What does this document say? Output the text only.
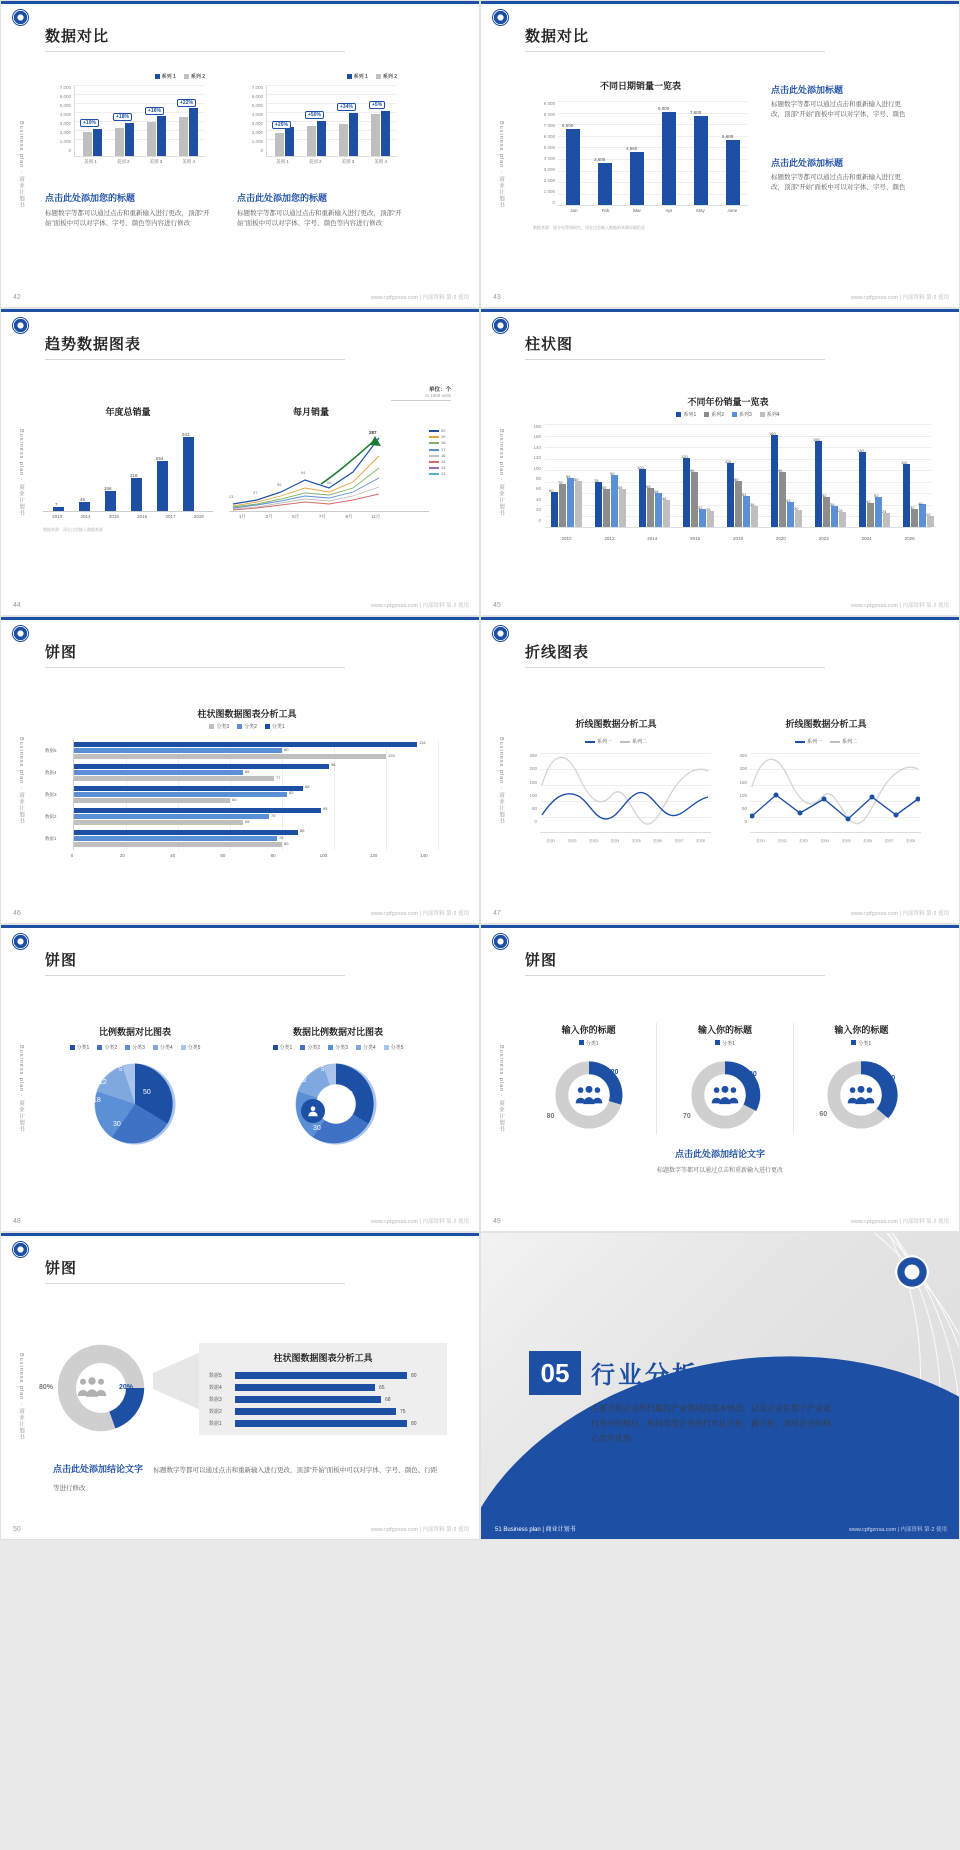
Business plan · 商业计划书
数据对比
系列 1	系列 2
7,000
6,000
5,000
4,000
3,000
2,000
1,000
0
+10%
+18%
+16%
+22%
美别 1	美别 2	美别 3	美别 4
系列 1	系列 2
7,000
6,000
5,000
4,000
3,000
2,000
1,000
0
+25%
+50%
+34%	+5%
美别 1	美别 2	美别 3	美别 4
点击此处添加您的标题
标题数字等都可以通过点击和重新输入进行更改，顶部“开始”面板中可以对字体、字号、颜色等内容进行修改
点击此处添加您的标题
标题数字等都可以通过点击和重新输入进行更改，顶部“开始”面板中可以对字体、字号、颜色等内容进行修改
42	www.cpfgznsa.com | 内部资料 第·2 使用
Business plan · 商业计划书
数据对比
不同日期销量一览表
9 000
8 000
7 000
6 000
5 000
4 000
3 000
2 000
1 000
0
6,500
3,600
4,560
8,000
7,600
5,600
Jan	Feb	Mar	Apr	May	June
数据来源：现分布等情研究，请在这里被入数据的来源详细信息
点击此处添加标题
标题数字等都可以通过点击和重新输入进行更改，顶部“开始”面板中可以对字体、字号、颜色
点击此处添加标题
标题数字等都可以通过点击和重新输入进行更改，顶部“开始”面板中可以对字体、字号、颜色
43	www.cpfgznsa.com | 内部资料 第·2 使用
Business plan · 商业计划书
趋势数据图表
单位：个
in 1000 units
年度总销量
7
45
156
318
554
943
2013	2014	2015	2016	2017	2018
数据来源：清在这里输入数据来源
每月销量
23
37
55
94
66
287	20
19
18
17
16
15
14
13
1月	3月	5月	7月	9月	11月
44	www.cpfgznsa.com | 内部资料 第·2 使用
Business plan · 商业计划书
柱状图
不同年份销量一览表
系列1	系列2	系列3	系列4
180
160
140
120
100
80
60
40
20
0
60
75
85
80	78
65
90
65
100
68
58
46
120
96
32 28
110
80
54
36
160
96
43
30
150
52
36
26
130
42
52
24
110
32
40
20
2010	2012	2014	2016	2018	2020	2022	2024	2026
45	www.cpfgznsa.com | 内部资料 第·2 使用
Business plan · 商业计划书
饼图
柱状图数据图表分析工具
分类3	分类2	分类1
数据5
数据4
数据3
数据2
数据1
132
80
120
98
65
77
88
82
60
95
75
65
86
78
80
0	20	40	60	80	100	120	140
46	www.cpfgznsa.com | 内部资料 第·2 使用
Business plan · 商业计划书
折线图表
折线图数据分析工具
系列一	系列二
250
200
150
100
50
0
类别1	类别2	类别3	类别4	类别5	类别6	类别7	类别8
折线图数据分析工具
系列一	系列二
250
200
150
100
50
0
类别1	类别2	类别3	类别4	类别5	类别6	类别7	类别8
47	www.cpfgznsa.com | 内部资料 第·2 使用
Business plan · 商业计划书
饼图
比例数据对比图表
分类1	分类2	分类3	分类4	分类5
50
30
18
12
5
数据比例数据对比图表
分类1	分类2	分类3	分类4	分类5
50
30
18
12
5
48	www.cpfgznsa.com | 内部资料 第·2 使用
Business plan · 商业计划书
饼图
输入你的标题
分类1
20
80
输入你的标题
分类1
30
70
输入你的标题
分类1
40
60
点击此处添加结论文字
标题数字等都可以通过点击和重新输入进行更改
49	www.cpfgznsa.com | 内部资料 第·2 使用
Business plan · 商业计划书
饼图
80%	20%
柱状图数据图表分析工具
数据5	80
数据4	65
数据3	68
数据2	75
数据1	80
点击此处添加结论文字 标题数字等都可以通过点击和重新输入进行更改，顶部“开始”面板中可以对字体、字号、颜色、行距等进行修改
50	www.cpfgznsa.com | 内部资料 第·2 使用
05 行业分析
主要介绍企业所归属的产业领域的基本情况，以及企业在整个产业或行业中的地位。和同类型企业进行对比分析，做分析，表现企业的核心竞争优势。
51 Business plan | 商业计划书	www.cpfgznsa.com | 内部资料 第·2 使用
